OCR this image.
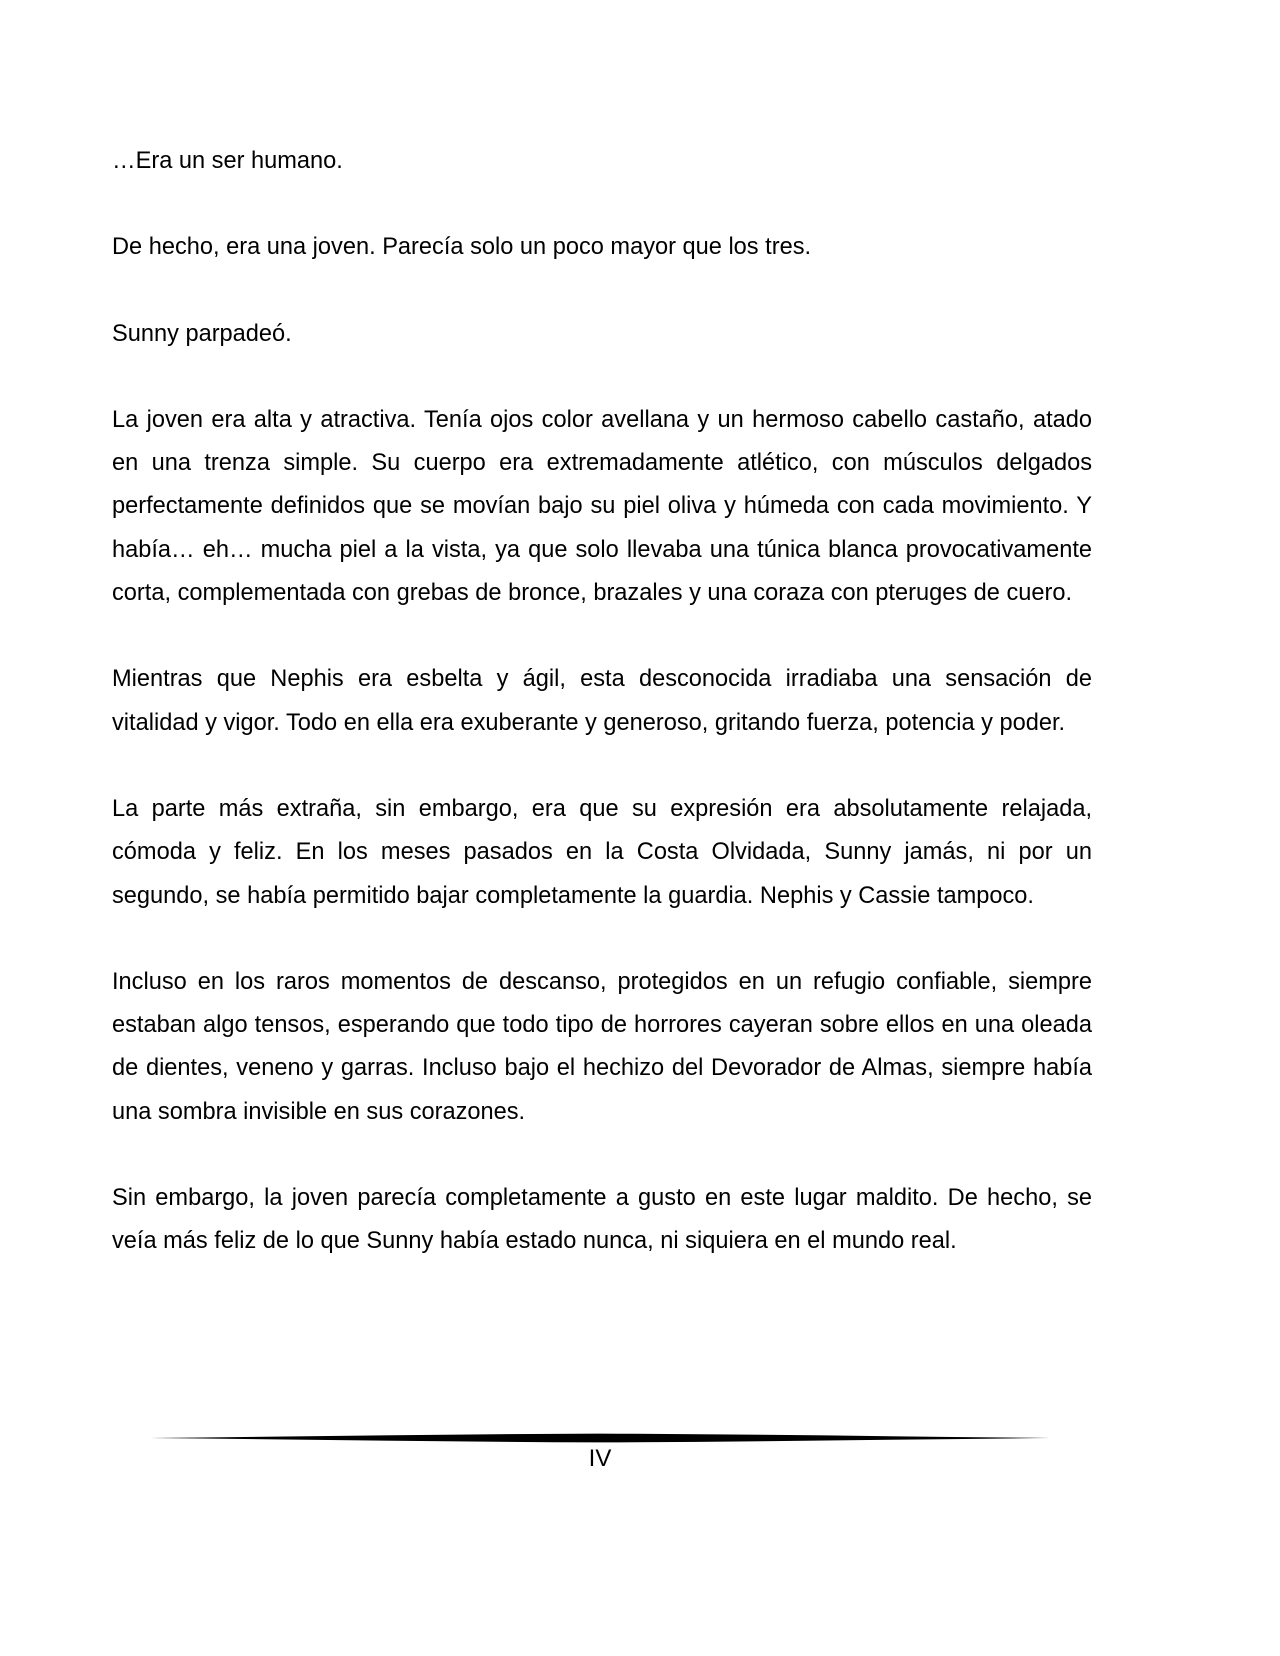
…Era un ser humano.

De hecho, era una joven. Parecía solo un poco mayor que los tres.

Sunny parpadeó.

La joven era alta y atractiva. Tenía ojos color avellana y un hermoso cabello castaño, atado en una trenza simple. Su cuerpo era extremadamente atlético, con músculos delgados perfectamente definidos que se movían bajo su piel oliva y húmeda con cada movimiento. Y había… eh… mucha piel a la vista, ya que solo llevaba una túnica blanca provocativamente corta, complementada con grebas de bronce, brazales y una coraza con pteruges de cuero.

Mientras que Nephis era esbelta y ágil, esta desconocida irradiaba una sensación de vitalidad y vigor. Todo en ella era exuberante y generoso, gritando fuerza, potencia y poder.

La parte más extraña, sin embargo, era que su expresión era absolutamente relajada, cómoda y feliz. En los meses pasados en la Costa Olvidada, Sunny jamás, ni por un segundo, se había permitido bajar completamente la guardia. Nephis y Cassie tampoco.

Incluso en los raros momentos de descanso, protegidos en un refugio confiable, siempre estaban algo tensos, esperando que todo tipo de horrores cayeran sobre ellos en una oleada de dientes, veneno y garras. Incluso bajo el hechizo del Devorador de Almas, siempre había una sombra invisible en sus corazones.

Sin embargo, la joven parecía completamente a gusto en este lugar maldito. De hecho, se veía más feliz de lo que Sunny había estado nunca, ni siquiera en el mundo real.

IV
